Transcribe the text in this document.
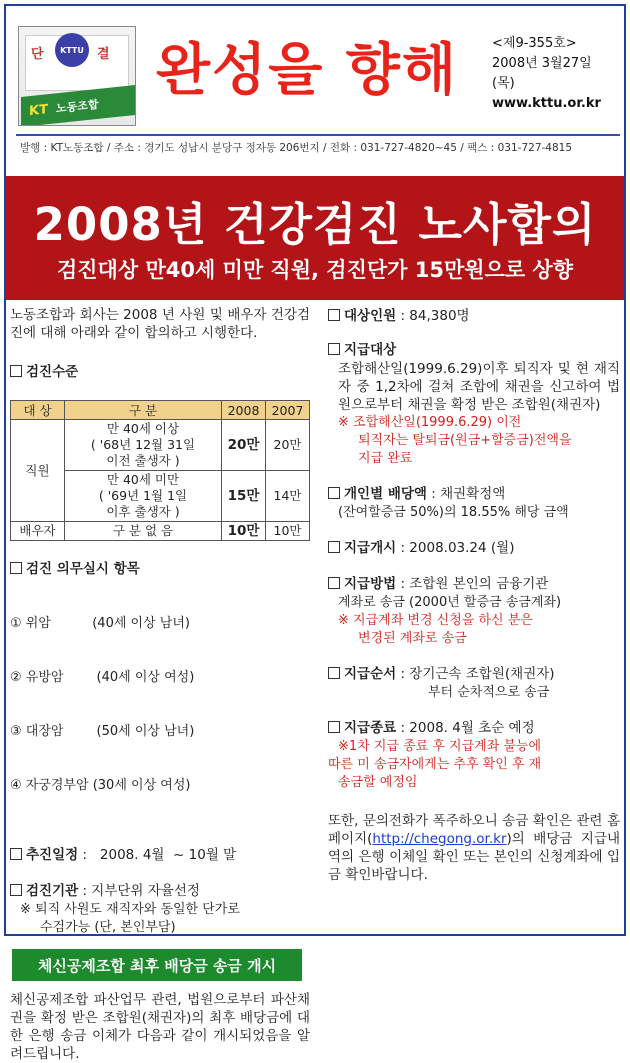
단	KTTU	결
KT 노동조합
완성을 향해	<제9-355호>
2008년 3월27일(목)
www.kttu.or.kr
발행 : KT노동조합 / 주소 : 경기도 성남시 분당구 정자동 206번지 / 전화 : 031-727-4820~45 / 팩스 : 031-727-4815
2008년 건강검진 노사합의
검진대상 만40세 미만 직원, 검진단가 15만원으로 상향

노동조합과 회사는 2008 년 사원 및 배우자 건강검진에 대해 아래와 같이 합의하고 시행한다.

검진수준
대 상	구 분	2008	2007
직원	만 40세 이상
( '68년 12월 31일
이전 출생자 )	20만	20만

	만 40세 미만
( '69년 1월 1일
이후 출생자 )	15만	14만
배우자	구 분 없 음	10만	10만
검진 의무실시 항목

① 위암          (40세 이상 남녀)

② 유방암        (40세 이상 여성)

③ 대장암        (50세 이상 남녀)

④ 자궁경부암 (30세 이상 여성)

추진일정 :   2008. 4월  ~ 10월 말
검진기관 : 지부단위 자율선정
※ 퇴직 사원도 재직자와 동일한 단가로
수검가능 (단, 본인부담)
체신공제조합 최후 배당금 송금 개시

체신공제조합 파산업무 관련, 법원으로부터 파산채권을 확정 받은 조합원(채권자)의 최후 배당금에 대한 은행 송금 이체가 다음과 같이 개시되었음을 알려드립니다.

대상인원 : 84,380명
지급대상

조합해산일(1999.6.29)이후 퇴직자 및 현 재직자 중 1,2차에 걸쳐 조합에 채권을 신고하여 법원으로부터 채권을 확정 받은 조합원(채권자)

※ 조합해산일(1999.6.29) 이전
퇴직자는 탈퇴금(원금+할증금)전액을
지급 완료
개인별 배당액 : 채권확정액
(잔여할증금 50%)의 18.55% 해당 금액
지급개시 : 2008.03.24 (월)
지급방법 : 조합원 본인의 금융기관
계좌로 송금 (2000년 할증금 송금계좌)
※ 지급계좌 변경 신청을 하신 분은
변경된 계좌로 송금
지급순서 : 장기근속 조합원(채권자)
부터 순차적으로 송금
지급종료 : 2008. 4월 초순 예정
※1차 지급 종료 후 지급계좌 불능에
따른 미 송금자에게는 추후 확인 후 재
송금할 예정임

또한, 문의전화가 폭주하오니 송금 확인은 관련 홈페이지(http://chegong.or.kr)의 배당금 지급내역의 은행 이체일 확인 또는 본인의 신청계좌에 입금 확인바랍니다.
